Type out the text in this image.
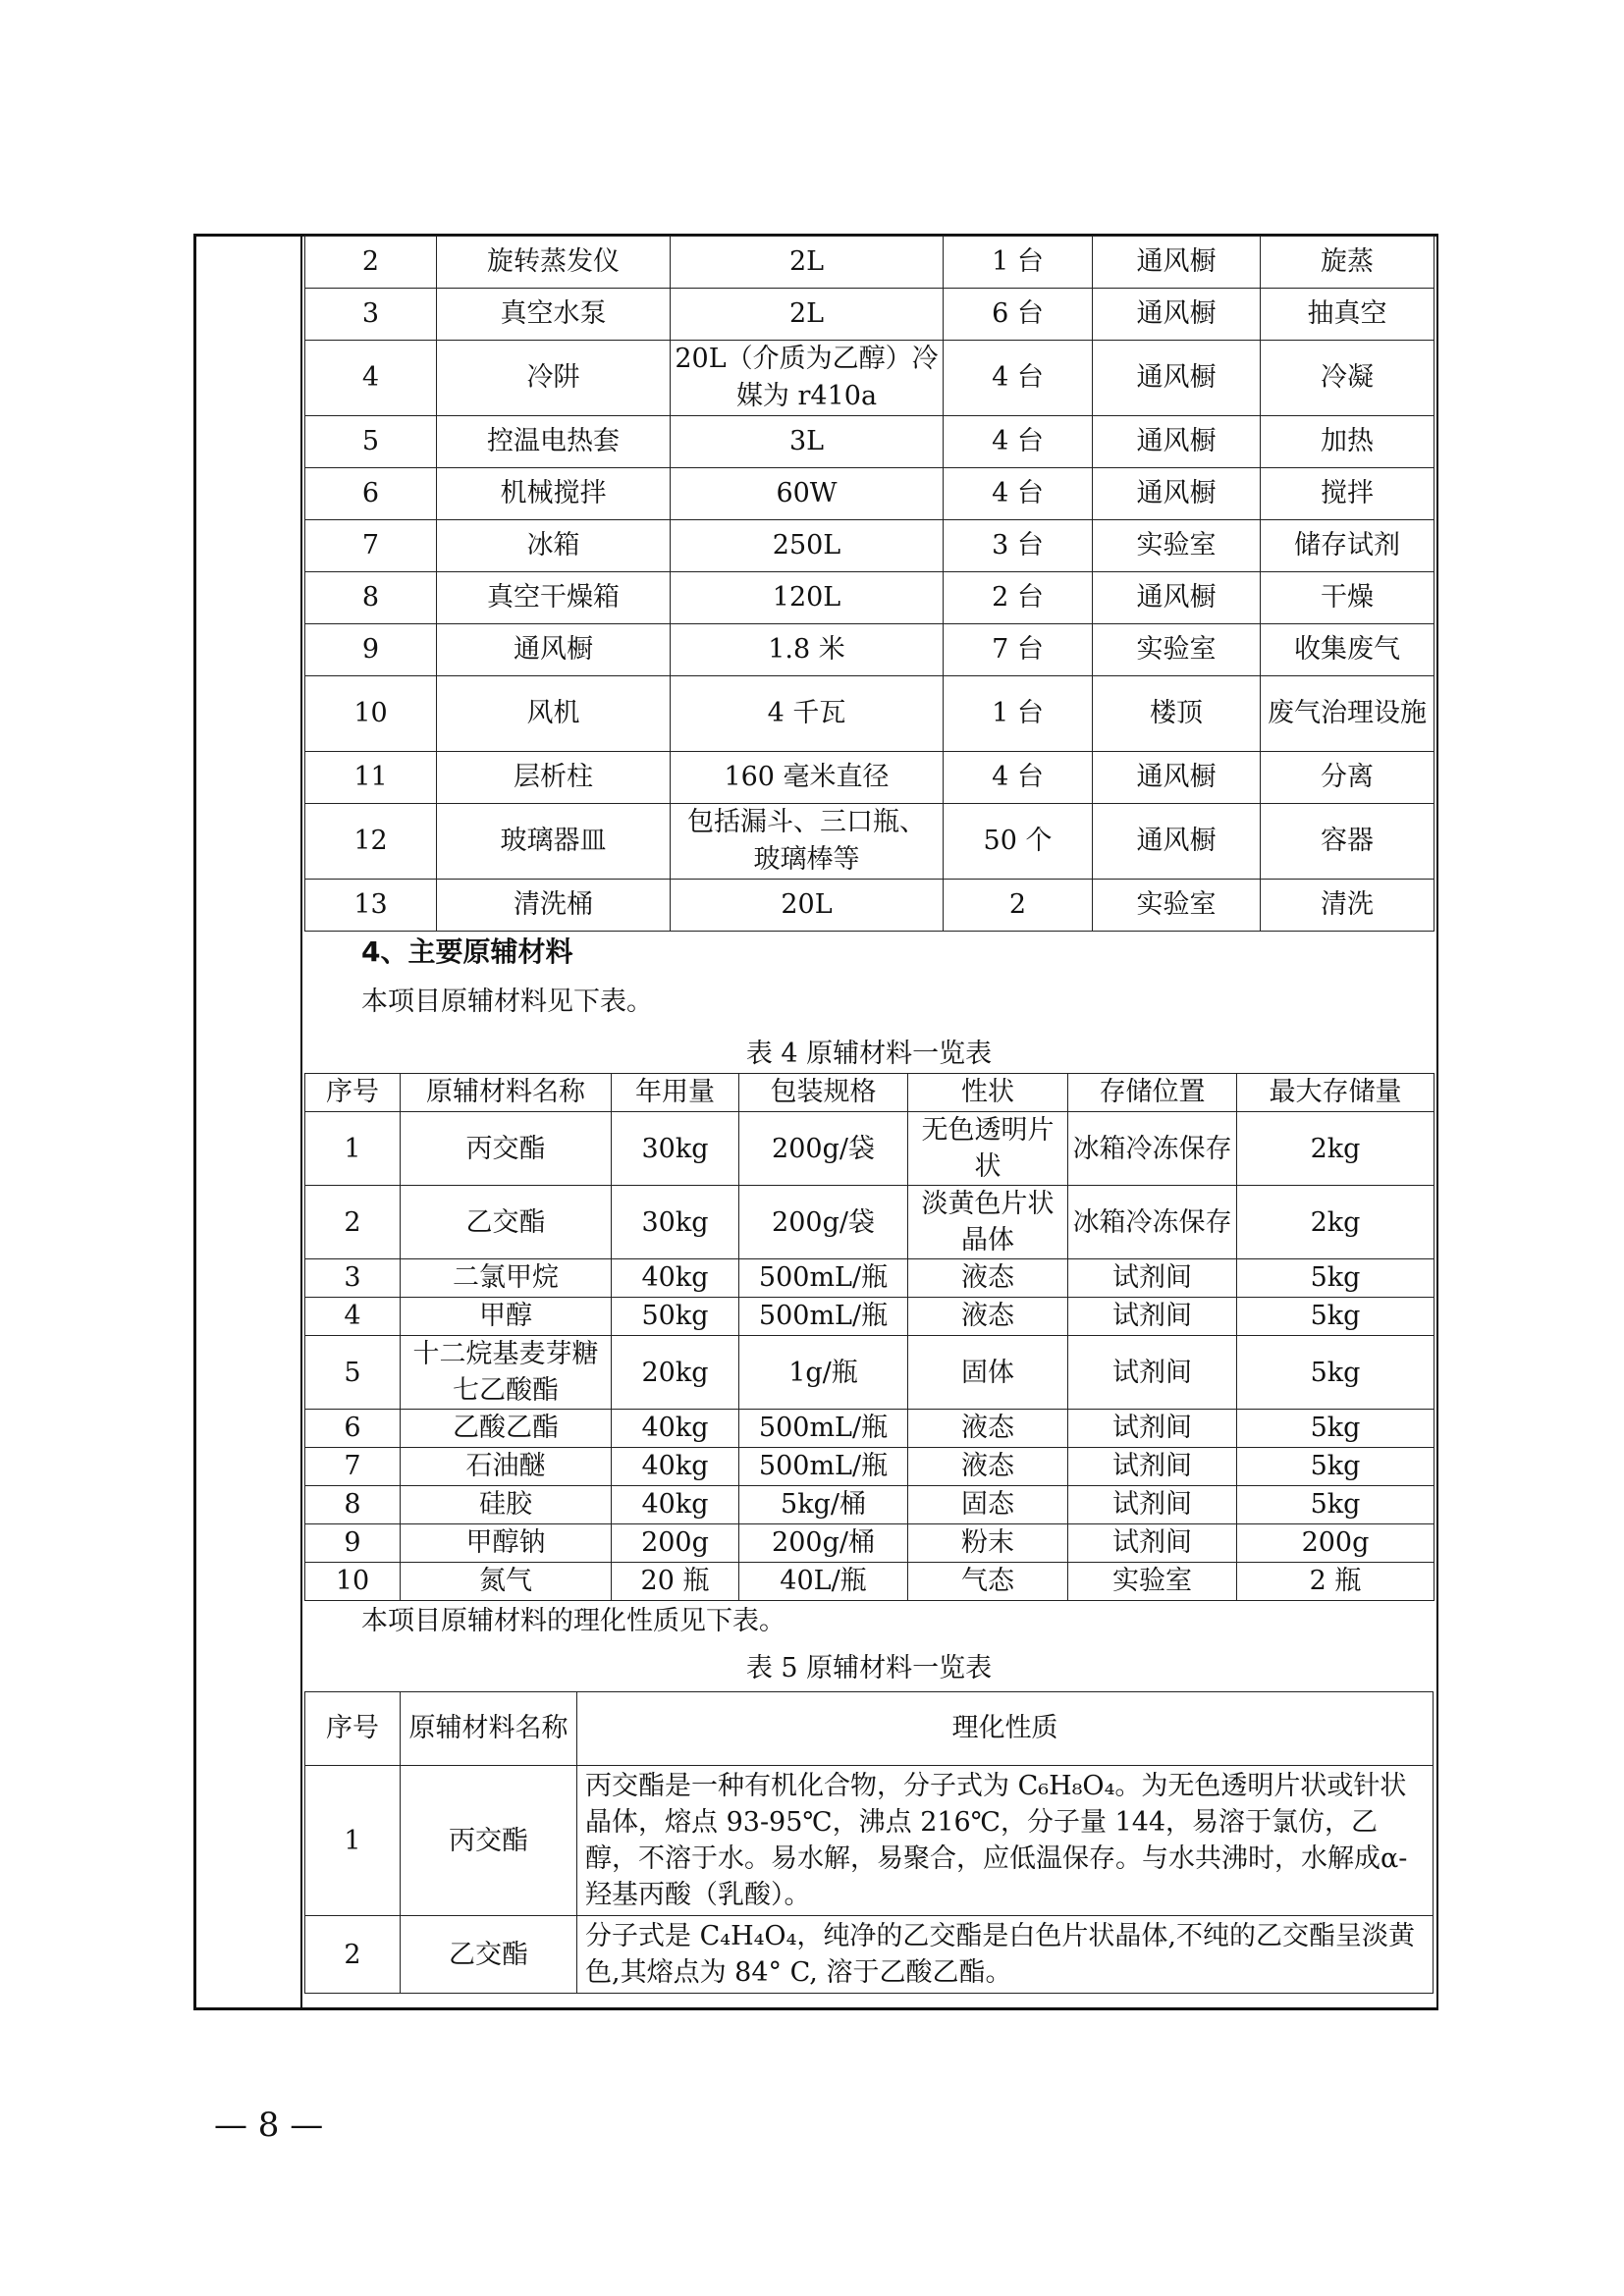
2	旋转蒸发仪	2L	1 台	通风橱	旋蒸
3	真空水泵	2L	6 台	通风橱	抽真空
4	冷阱	20L（介质为乙醇）冷媒为 r410a	4 台	通风橱	冷凝
5	控温电热套	3L	4 台	通风橱	加热
6	机械搅拌	60W	4 台	通风橱	搅拌
7	冰箱	250L	3 台	实验室	储存试剂
8	真空干燥箱	120L	2 台	通风橱	干燥
9	通风橱	1.8 米	7 台	实验室	收集废气
10	风机	4 千瓦	1 台	楼顶	废气治理设施
11	层析柱	160 毫米直径	4 台	通风橱	分离
12	玻璃器皿	包括漏斗、三口瓶、玻璃棒等	50 个	通风橱	容器
13	清洗桶	20L	2	实验室	清洗
4、主要原辅材料
本项目原辅材料见下表。
表 4 原辅材料一览表
序号	原辅材料名称	年用量	包装规格	性状	存储位置	最大存储量
1	丙交酯	30kg	200g/袋	无色透明片状	冰箱冷冻保存	2kg
2	乙交酯	30kg	200g/袋	淡黄色片状晶体	冰箱冷冻保存	2kg
3	二氯甲烷	40kg	500mL/瓶	液态	试剂间	5kg
4	甲醇	50kg	500mL/瓶	液态	试剂间	5kg
5	十二烷基麦芽糖七乙酸酯	20kg	1g/瓶	固体	试剂间	5kg
6	乙酸乙酯	40kg	500mL/瓶	液态	试剂间	5kg
7	石油醚	40kg	500mL/瓶	液态	试剂间	5kg
8	硅胶	40kg	5kg/桶	固态	试剂间	5kg
9	甲醇钠	200g	200g/桶	粉末	试剂间	200g
10	氮气	20 瓶	40L/瓶	气态	实验室	2 瓶
本项目原辅材料的理化性质见下表。
表 5 原辅材料一览表
序号	原辅材料名称	理化性质
1	丙交酯	丙交酯是一种有机化合物，分子式为 C₆H₈O₄。为无色透明片状或针状晶体，熔点 93-95℃，沸点 216℃，分子量 144，易溶于氯仿，乙醇，不溶于水。易水解，易聚合，应低温保存。与水共沸时，水解成α-羟基丙酸（乳酸）。
2	乙交酯	分子式是 C₄H₄O₄，纯净的乙交酯是白色片状晶体,不纯的乙交酯呈淡黄色,其熔点为 84° C, 溶于乙酸乙酯。
— 8 —
